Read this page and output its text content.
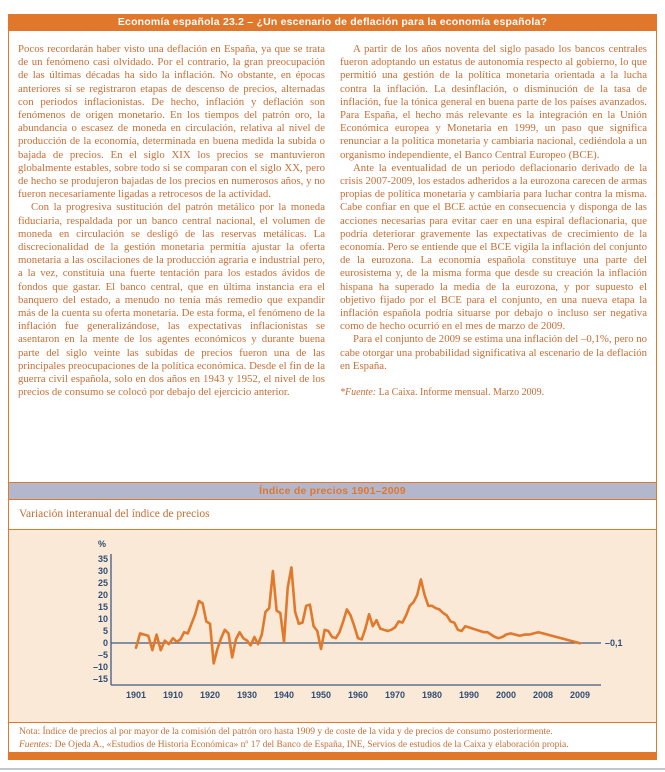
Economía española 23.2 – ¿Un escenario de deflación para la economía española?

Pocos recordarán haber visto una deflación en España, ya que se trata de un fenómeno casi olvidado. Por el contrario, la gran preocupación de las últimas décadas ha sido la inflación. No obstante, en épocas anteriores sí se registraron etapas de descenso de precios, alternadas con periodos inflacionistas. De hecho, inflación y deflación son fenómenos de origen monetario. En los tiempos del patrón oro, la abundancia o escasez de moneda en circulación, relativa al nivel de producción de la economía, determinada en buena medida la subida o bajada de precios. En el siglo XIX los precios se mantuvieron globalmente estables, sobre todo si se comparan con el siglo XX, pero de hecho se produjeron bajadas de los precios en numerosos años, y no fueron necesariamente ligadas a retrocesos de la actividad.

Con la progresiva sustitución del patrón metálico por la moneda fiduciaria, respaldada por un banco central nacional, el volumen de moneda en circulación se desligó de las reservas metálicas. La discrecionalidad de la gestión monetaria permitía ajustar la oferta monetaria a las oscilaciones de la producción agraria e industrial pero, a la vez, constituía una fuerte tentación para los estados ávidos de fondos que gastar. El banco central, que en última instancia era el banquero del estado, a menudo no tenía más remedio que expandir más de la cuenta su oferta monetaria. De esta forma, el fenómeno de la inflación fue generalizándose, las expectativas inflacionistas se asentaron en la mente de los agentes económicos y durante buena parte del siglo veinte las subidas de precios fueron una de las principales preocupaciones de la política económica. Desde el fin de la guerra civil española, solo en dos años en 1943 y 1952, el nivel de los precios de consumo se colocó por debajo del ejercicio anterior.

A partir de los años noventa del siglo pasado los bancos centrales fueron adoptando un estatus de autonomía respecto al gobierno, lo que permitió una gestión de la política monetaria orientada a la lucha contra la inflación. La desinflación, o disminución de la tasa de inflación, fue la tónica general en buena parte de los países avanzados. Para España, el hecho más relevante es la integración en la Unión Económica europea y Monetaria en 1999, un paso que significa renunciar a la política monetaria y cambiaria nacional, cediéndola a un organismo independiente, el Banco Central Europeo (BCE).

Ante la eventualidad de un periodo deflacionario derivado de la crisis 2007-2009, los estados adheridos a la eurozona carecen de armas propias de política monetaria y cambiaria para luchar contra la misma. Cabe confiar en que el BCE actúe en consecuencia y disponga de las acciones necesarias para evitar caer en una espiral deflacionaria, que podría deteriorar gravemente las expectativas de crecimiento de la economía. Pero se entiende que el BCE vigila la inflación del conjunto de la eurozona. La economía española constituye una parte del eurosistema y, de la misma forma que desde su creación la inflación hispana ha superado la media de la eurozona, y por supuesto el objetivo fijado por el BCE para el conjunto, en una nueva etapa la inflación española podría situarse por debajo o incluso ser negativa como de hecho ocurrió en el mes de marzo de 2009.

Para el conjunto de 2009 se estima una inflación del –0,1%, pero no cabe otorgar una probabilidad significativa al escenario de la deflación en España.

*Fuente: La Caixa. Informe mensual. Marzo 2009.
Índice de precios 1901–2009
Variación interanual del índice de precios
35
30
25
20
15
10
5
0
–5
–10
–15
%
1901 1910 1920 1930 1940 1950 1960 1970 1980 1990 2000 2008 2009
–0,1
Nota: Índice de precios al por mayor de la comisión del patrón oro hasta 1909 y de coste de la vida y de precios de consumo posteriormente.
Fuentes: De Ojeda A., «Estudios de Historia Económica» nº 17 del Banco de España, INE, Servios de estudios de la Caixa y elaboración propia.
